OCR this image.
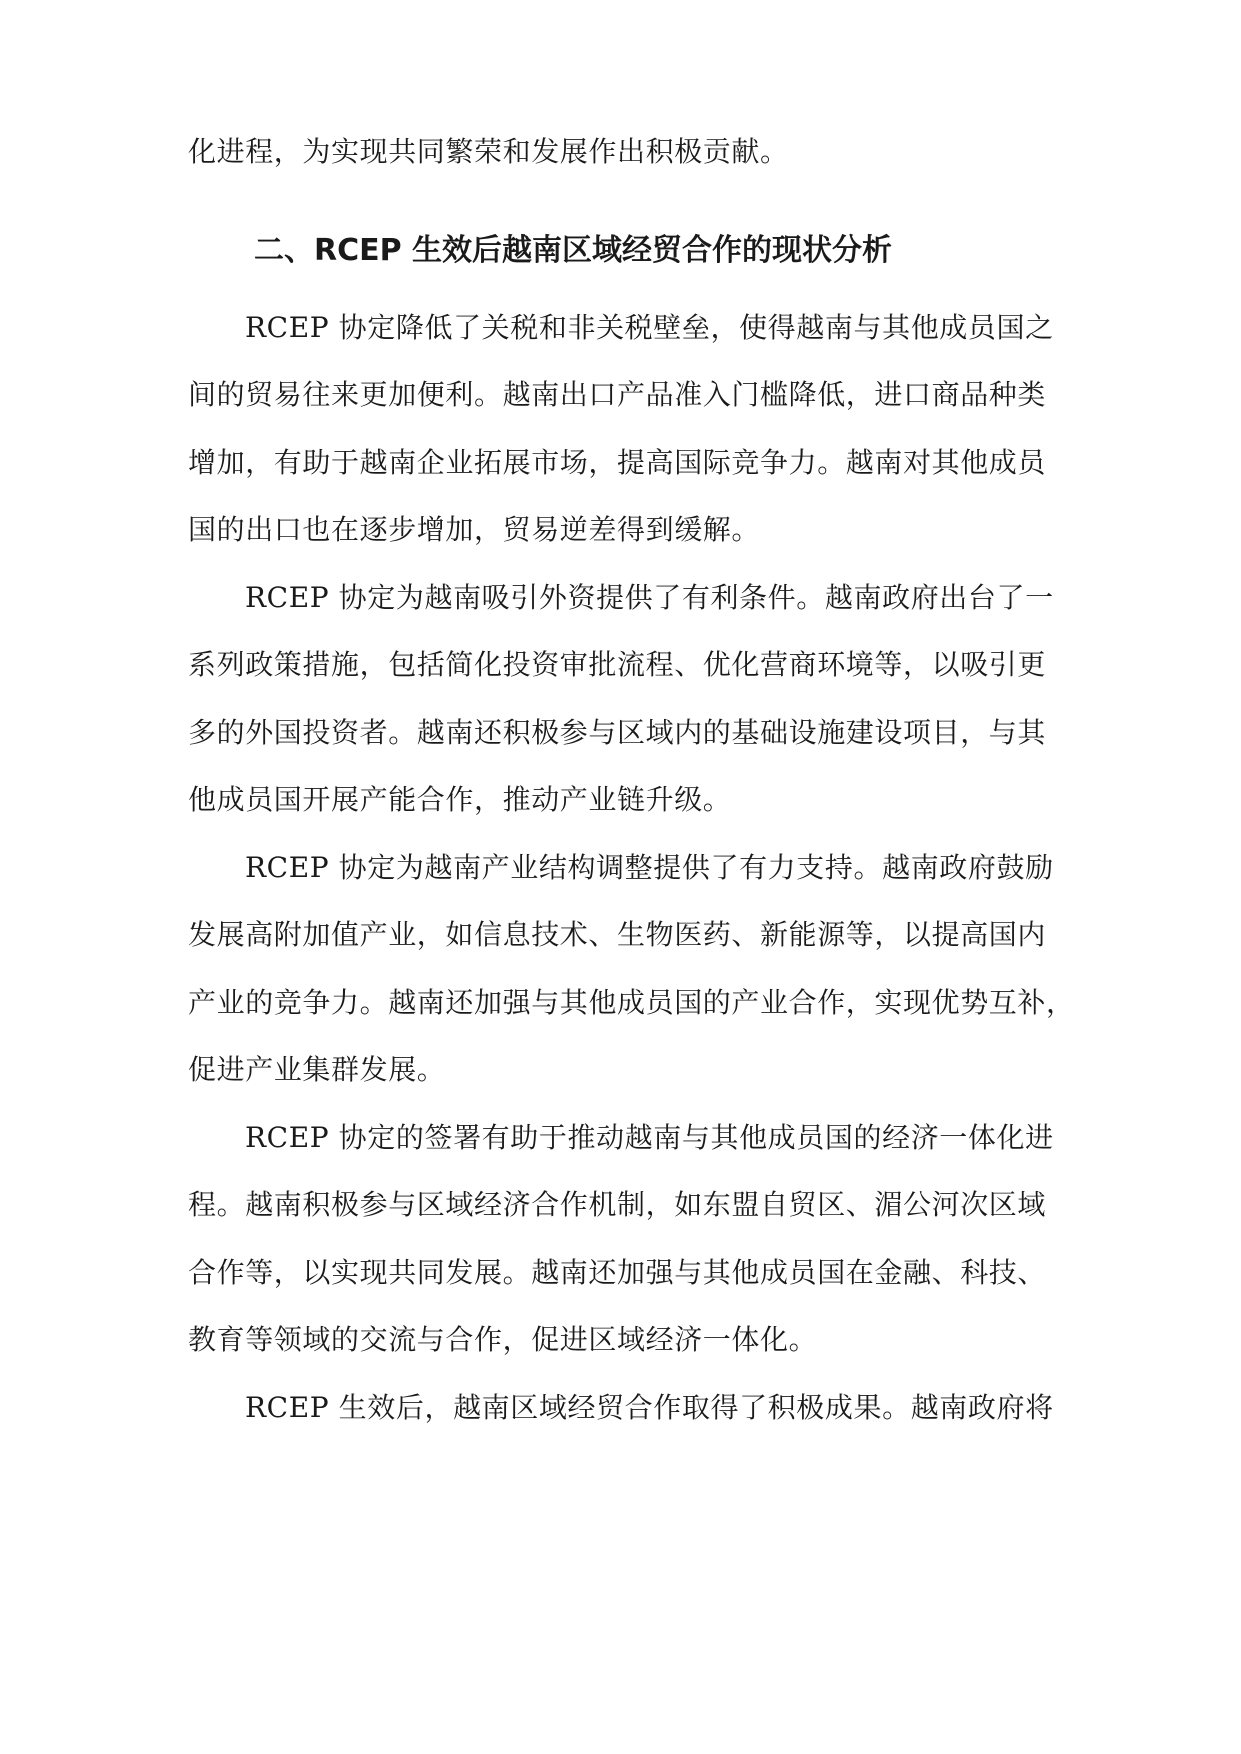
化进程，为实现共同繁荣和发展作出积极贡献。
二、RCEP 生效后越南区域经贸合作的现状分析
RCEP 协定降低了关税和非关税壁垒，使得越南与其他成员国之
间的贸易往来更加便利。越南出口产品准入门槛降低，进口商品种类
增加，有助于越南企业拓展市场，提高国际竞争力。越南对其他成员
国的出口也在逐步增加，贸易逆差得到缓解。
RCEP 协定为越南吸引外资提供了有利条件。越南政府出台了一
系列政策措施，包括简化投资审批流程、优化营商环境等，以吸引更
多的外国投资者。越南还积极参与区域内的基础设施建设项目，与其
他成员国开展产能合作，推动产业链升级。
RCEP 协定为越南产业结构调整提供了有力支持。越南政府鼓励
发展高附加值产业，如信息技术、生物医药、新能源等，以提高国内
产业的竞争力。越南还加强与其他成员国的产业合作，实现优势互补，
促进产业集群发展。
RCEP 协定的签署有助于推动越南与其他成员国的经济一体化进
程。越南积极参与区域经济合作机制，如东盟自贸区、湄公河次区域
合作等，以实现共同发展。越南还加强与其他成员国在金融、科技、
教育等领域的交流与合作，促进区域经济一体化。
RCEP 生效后，越南区域经贸合作取得了积极成果。越南政府将
